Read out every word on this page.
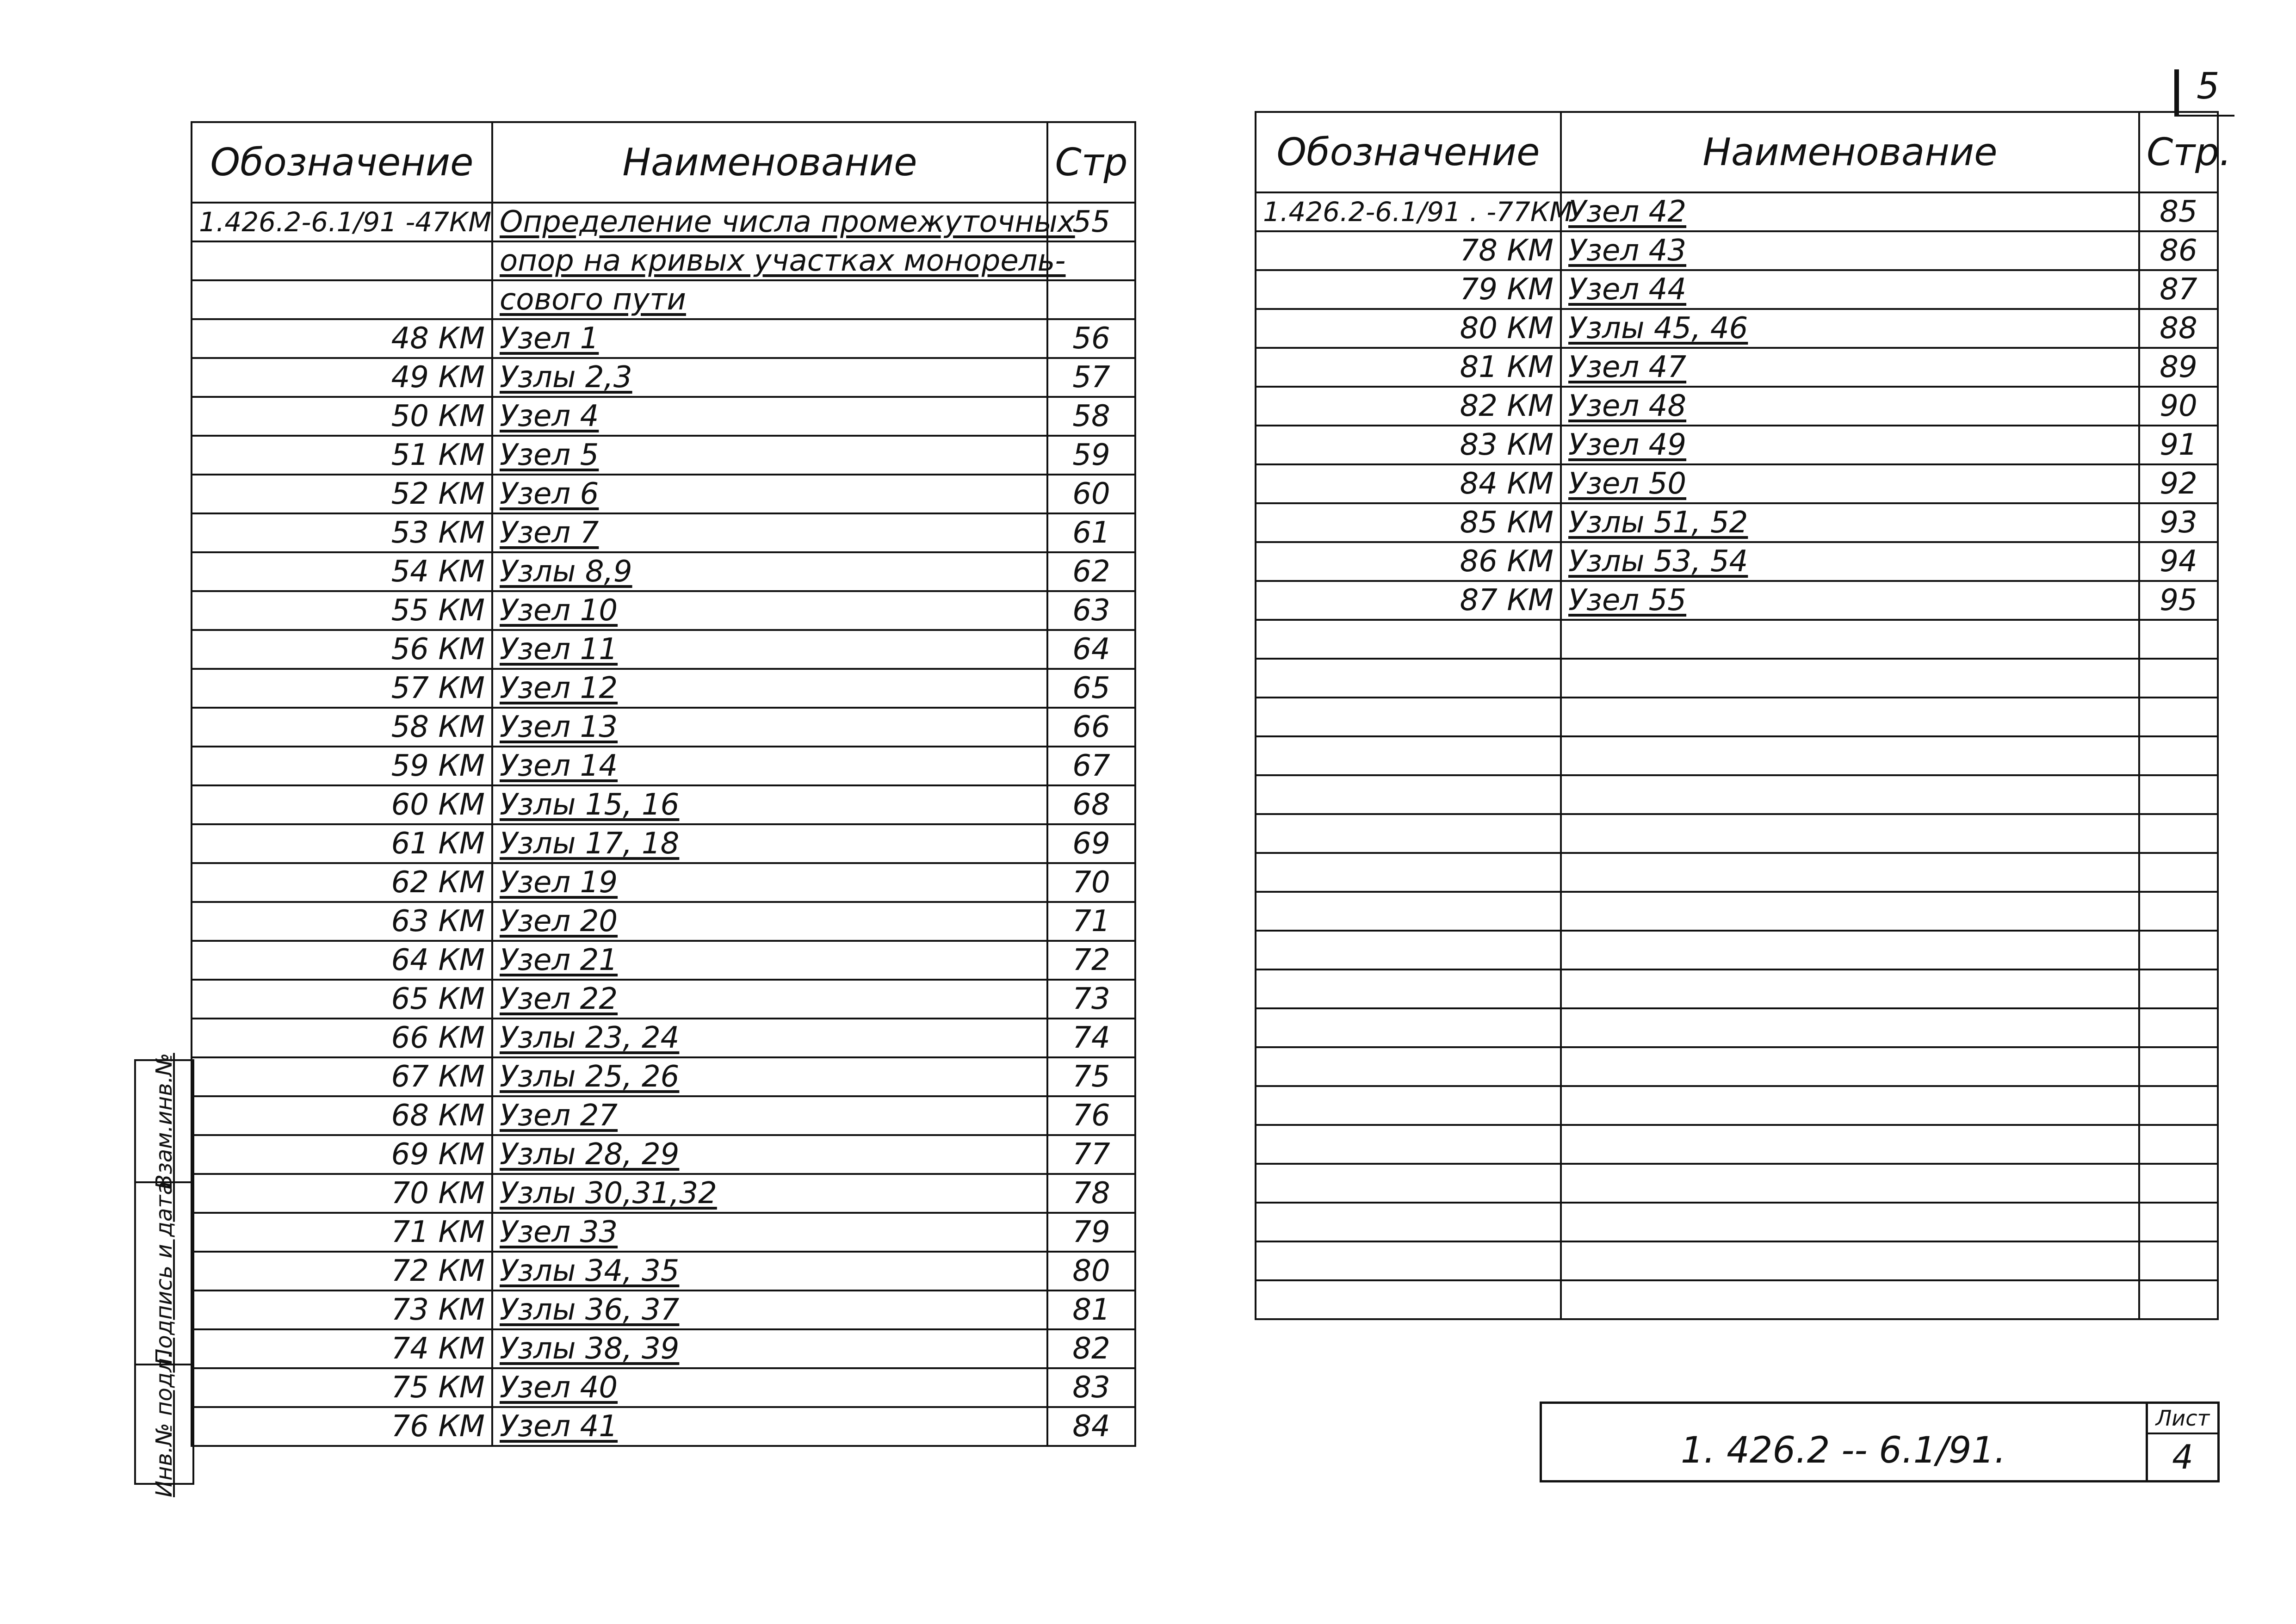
5
Обозначение	Наименование	Стр
1.426.2-6.1/91 -47КМ	Определение числа промежуточных	55
	опор на кривых участках монорель-	
	сового пути	
48 КМ	Узел 1	56
49 КМ	Узлы 2,3	57
50 КМ	Узел 4	58
51 КМ	Узел 5	59
52 КМ	Узел 6	60
53 КМ	Узел 7	61
54 КМ	Узлы 8,9	62
55 КМ	Узел 10	63
56 КМ	Узел 11	64
57 КМ	Узел 12	65
58 КМ	Узел 13	66
59 КМ	Узел 14	67
60 КМ	Узлы 15, 16	68
61 КМ	Узлы 17, 18	69
62 КМ	Узел 19	70
63 КМ	Узел 20	71
64 КМ	Узел 21	72
65 КМ	Узел 22	73
66 КМ	Узлы 23, 24	74
67 КМ	Узлы 25, 26	75
68 КМ	Узел 27	76
69 КМ	Узлы 28, 29	77
70 КМ	Узлы 30,31,32	78
71 КМ	Узел 33	79
72 КМ	Узлы 34, 35	80
73 КМ	Узлы 36, 37	81
74 КМ	Узлы 38, 39	82
75 КМ	Узел 40	83
76 КМ	Узел 41	84
Обозначение	Наименование	Стр.
1.426.2-6.1/91 . -77КМ	Узел 42	85
78 КМ	Узел 43	86
79 КМ	Узел 44	87
80 КМ	Узлы 45, 46	88
81 КМ	Узел 47	89
82 КМ	Узел 48	90
83 КМ	Узел 49	91
84 КМ	Узел 50	92
85 КМ	Узлы 51, 52	93
86 КМ	Узлы 53, 54	94
87 КМ	Узел 55	95

1. 426.2 -- 6.1/91.
Лист
4
Взам.инв.№
Подпись и дата
Инв.№ подл.
